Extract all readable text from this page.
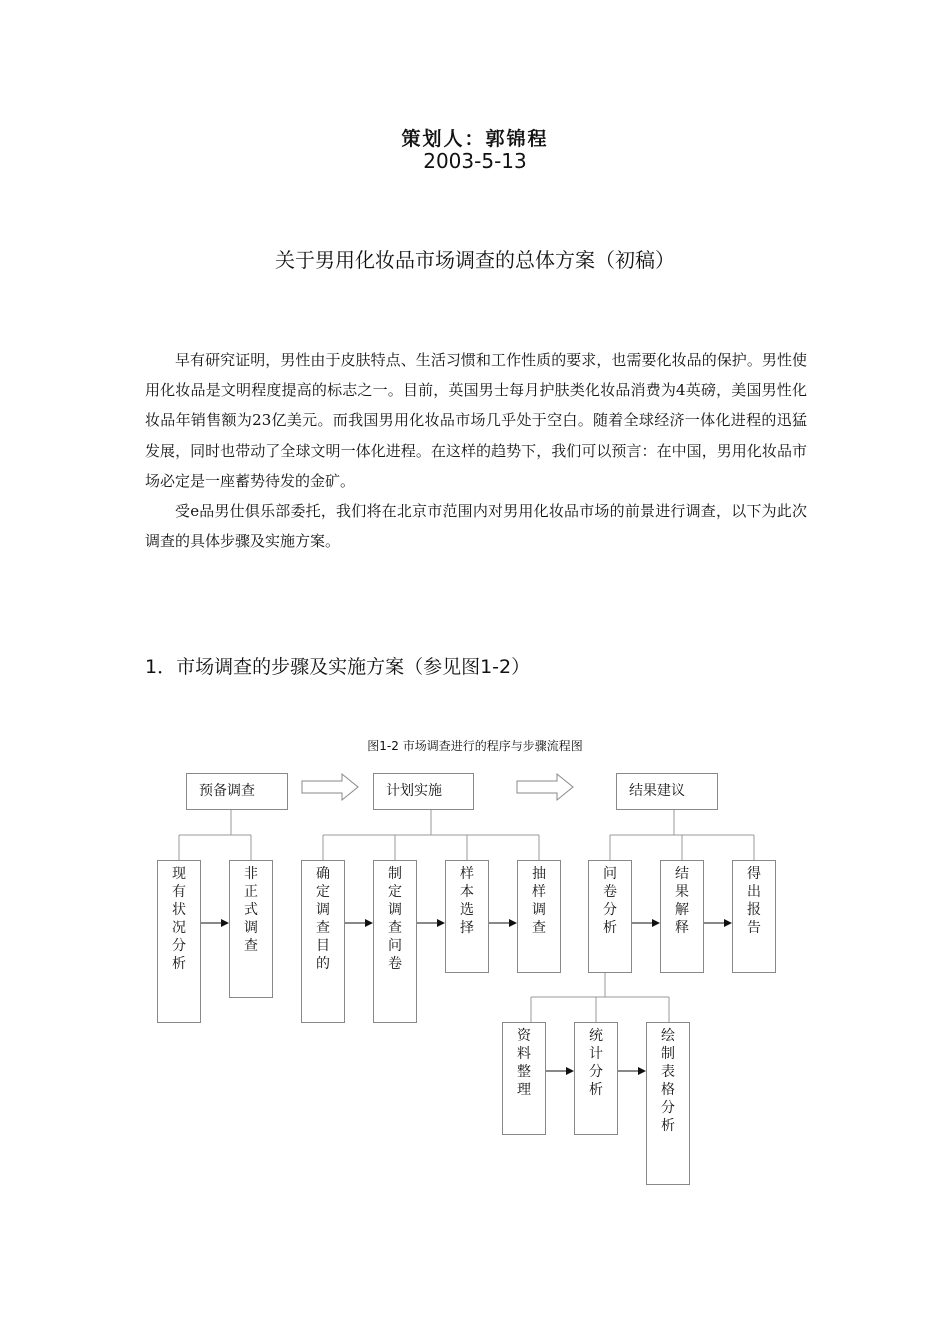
策划人：郭锦程
2003-5-13
关于男用化妆品市场调查的总体方案（初稿）

早有研究证明，男性由于皮肤特点、生活习惯和工作性质的要求，也需要化妆品的保护。男性使用化妆品是文明程度提高的标志之一。目前，英国男士每月护肤类化妆品消费为4英磅，美国男性化妆品年销售额为23亿美元。而我国男用化妆品市场几乎处于空白。随着全球经济一体化进程的迅猛发展，同时也带动了全球文明一体化进程。在这样的趋势下，我们可以预言：在中国，男用化妆品市场必定是一座蓄势待发的金矿。

受e品男仕俱乐部委托，我们将在北京市范围内对男用化妆品市场的前景进行调查，以下为此次调查的具体步骤及实施方案。

1．市场调查的步骤及实施方案（参见图1-2）
图1-2 市场调查进行的程序与步骤流程图
预备调查	计划实施	结果建议
现有状况分析
非正式调查
确定调查目的
制定调查问卷
样本选择
抽样调查
问卷分析
结果解释
得出报告
资料整理
统计分析
绘制表格分析
